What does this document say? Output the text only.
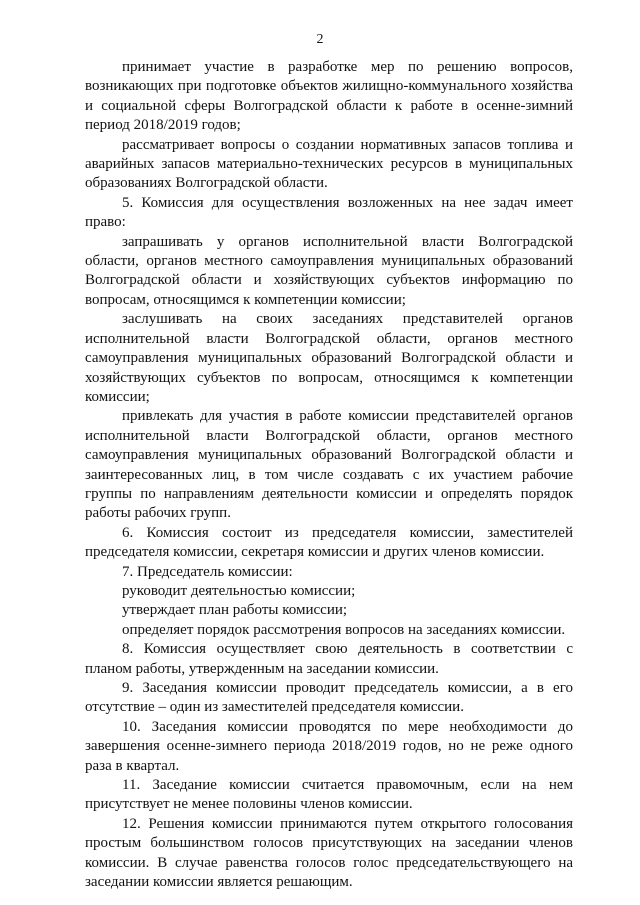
2

принимает участие в разработке мер по решению вопросов, возникающих при подготовке объектов жилищно-коммунального хозяйства и социальной сферы Волгоградской области к работе в осенне-зимний период 2018/2019 годов;

рассматривает вопросы о создании нормативных запасов топлива и аварийных запасов материально-технических ресурсов в муниципальных образованиях Волгоградской области.

5. Комиссия для осуществления возложенных на нее задач имеет право:

запрашивать у органов исполнительной власти Волгоградской области, органов местного самоуправления муниципальных образований Волгоградской области и хозяйствующих субъектов информацию по вопросам, относящимся к компетенции комиссии;

заслушивать на своих заседаниях представителей органов исполнительной власти Волгоградской области, органов местного самоуправления муниципальных образований Волгоградской области и хозяйствующих субъектов по вопросам, относящимся к компетенции комиссии;

привлекать для участия в работе комиссии представителей органов исполнительной власти Волгоградской области, органов местного самоуправления муниципальных образований Волгоградской области и заинтересованных лиц, в том числе создавать с их участием рабочие группы по направлениям деятельности комиссии и определять порядок работы рабочих групп.

6. Комиссия состоит из председателя комиссии, заместителей председателя комиссии, секретаря комиссии и других членов комиссии.

7. Председатель комиссии:

руководит деятельностью комиссии;

утверждает план работы комиссии;

определяет порядок рассмотрения вопросов на заседаниях комиссии.

8. Комиссия осуществляет свою деятельность в соответствии с планом работы, утвержденным на заседании комиссии.

9. Заседания комиссии проводит председатель комиссии, а в его отсутствие – один из заместителей председателя комиссии.

10. Заседания комиссии проводятся по мере необходимости до завершения осенне-зимнего периода 2018/2019 годов, но не реже одного раза в квартал.

11. Заседание комиссии считается правомочным, если на нем присутствует не менее половины членов комиссии.

12. Решения комиссии принимаются путем открытого голосования простым большинством голосов присутствующих на заседании членов комиссии. В случае равенства голосов голос председательствующего на заседании комиссии является решающим.
